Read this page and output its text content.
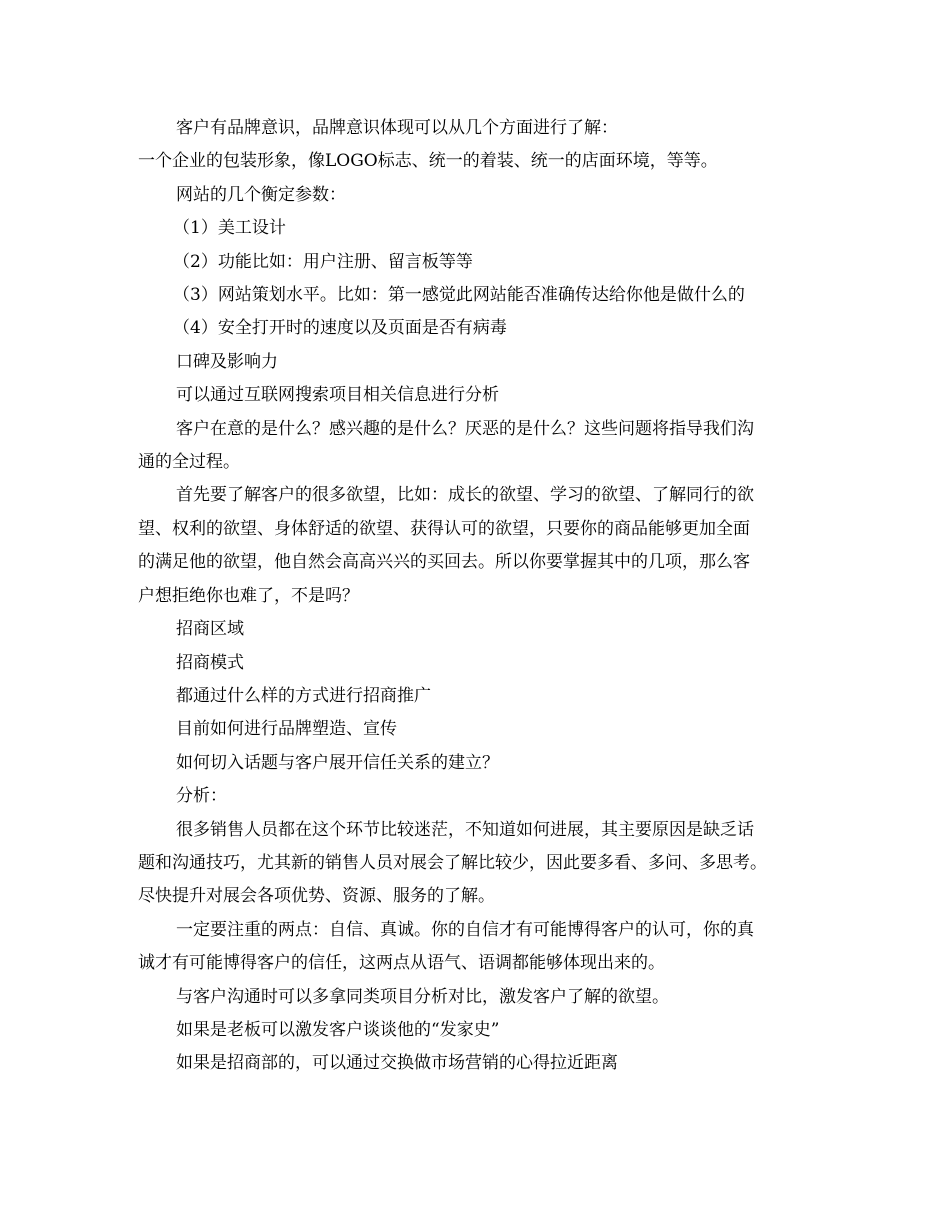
客户有品牌意识，品牌意识体现可以从几个方面进行了解：

一个企业的包装形象，像LOGO标志、统一的着装、统一的店面环境，等等。

网站的几个衡定参数：

（1）美工设计

（2）功能比如：用户注册、留言板等等

（3）网站策划水平。比如：第一感觉此网站能否准确传达给你他是做什么的

（4）安全打开时的速度以及页面是否有病毒

口碑及影响力

可以通过互联网搜索项目相关信息进行分析

客户在意的是什么？感兴趣的是什么？厌恶的是什么？这些问题将指导我们沟

通的全过程。

首先要了解客户的很多欲望，比如：成长的欲望、学习的欲望、了解同行的欲

望、权利的欲望、身体舒适的欲望、获得认可的欲望，只要你的商品能够更加全面

的满足他的欲望，他自然会高高兴兴的买回去。所以你要掌握其中的几项，那么客

户想拒绝你也难了，不是吗？

招商区域

招商模式

都通过什么样的方式进行招商推广

目前如何进行品牌塑造、宣传

如何切入话题与客户展开信任关系的建立？

分析：

很多销售人员都在这个环节比较迷茫，不知道如何进展，其主要原因是缺乏话

题和沟通技巧，尤其新的销售人员对展会了解比较少，因此要多看、多问、多思考。

尽快提升对展会各项优势、资源、服务的了解。

一定要注重的两点：自信、真诚。你的自信才有可能博得客户的认可，你的真

诚才有可能博得客户的信任，这两点从语气、语调都能够体现出来的。

与客户沟通时可以多拿同类项目分析对比，激发客户了解的欲望。

如果是老板可以激发客户谈谈他的“发家史”

如果是招商部的，可以通过交换做市场营销的心得拉近距离
